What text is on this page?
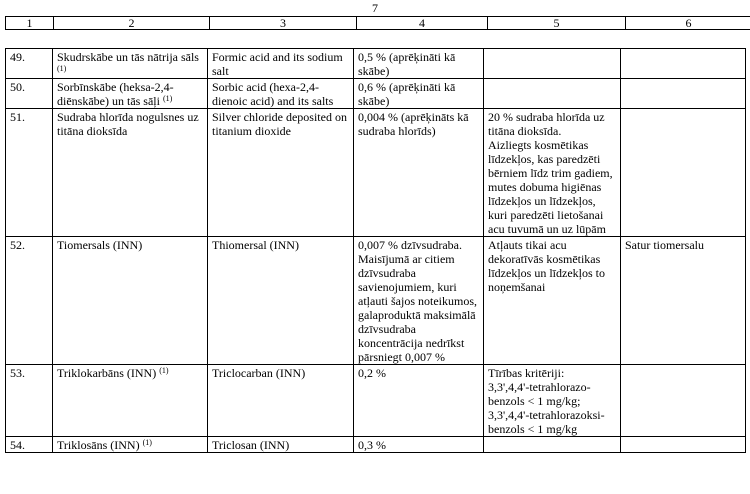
7
1	2	3	4	5	6
49.	Skudrskābe un tās nātrija sāls $^{(1)}$	Formic acid and its sodium salt	0,5 % (aprēķināti kā skābe)		
50.	Sorbīnskābe (heksa-2,4-diēnskābe) un tās sāļi $^{(1)}$	Sorbic acid (hexa-2,4-dienoic acid) and its salts	0,6 % (aprēķināti kā skābe)		
51.	Sudraba hlorīda nogulsnes uz titāna dioksīda	Silver chloride deposited on titanium dioxide	0,004 % (aprēķināts kā sudraba hlorīds)	20 % sudraba hlorīda uz titāna dioksīda.
Aizliegts kosmētikas līdzekļos, kas paredzēti bērniem līdz trim gadiem, mutes dobuma higiēnas līdzekļos un līdzekļos, kuri paredzēti lietošanai acu tuvumā un uz lūpām	
52.	Tiomersals (INN)	Thiomersal (INN)	0,007 % dzīvsudraba.
Maisījumā ar citiem dzīvsudraba savienojumiem, kuri atļauti šajos noteikumos, galaproduktā maksimālā dzīvsudraba koncentrācija nedrīkst pārsniegt 0,007 %	Atļauts tikai acu dekoratīvās kosmētikas līdzekļos un līdzekļos to noņemšanai	Satur tiomersalu
53.	Triklokarbāns (INN) $^{(1)}$	Triclocarban (INN)	0,2 %	Tīrības kritēriji:
3,3',4,4'-tetrahlorazo-benzols < 1 mg/kg;
3,3',4,4'-tetrahlorazoksi-benzols < 1 mg/kg	
54.	Triklosāns (INN) $^{(1)}$	Triclosan (INN)	0,3 %		
